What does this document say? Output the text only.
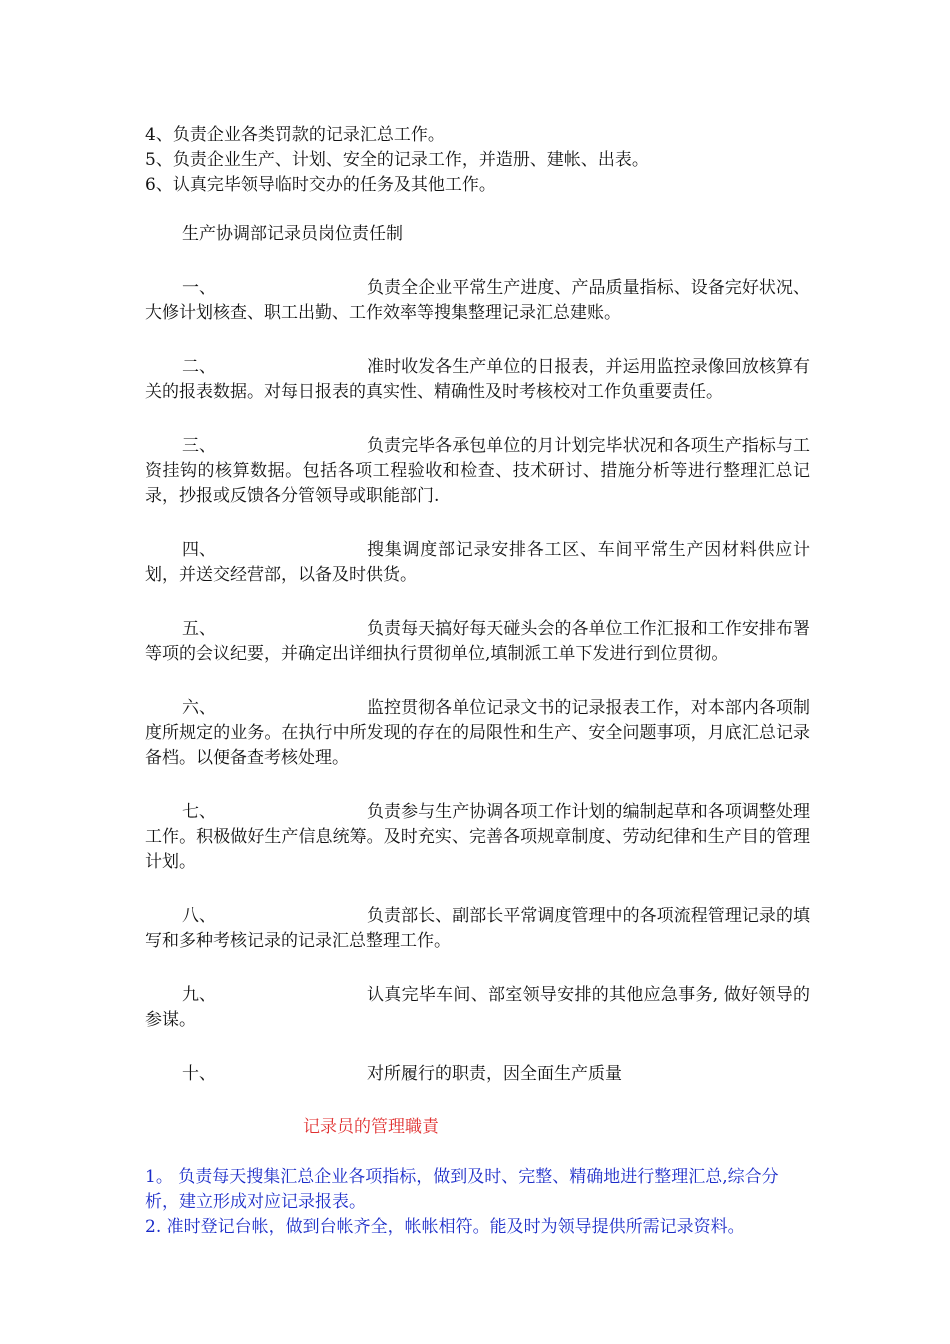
4、负责企业各类罚款的记录汇总工作。
5、负责企业生产、计划、安全的记录工作，并造册、建帐、出表。
6、认真完毕领导临时交办的任务及其他工作。
生产协调部记录员岗位责任制
一、	负责全企业平常生产进度、产品质量指标、设备完好状况、大修计划核查、职工出勤、工作效率等搜集整理记录汇总建账。
二、	准时收发各生产单位的日报表，并运用监控录像回放核算有关的报表数据。对每日报表的真实性、精确性及时考核校对工作负重要责任。
三、	负责完毕各承包单位的月计划完毕状况和各项生产指标与工资挂钩的核算数据。包括各项工程验收和检查、技术研讨、措施分析等进行整理汇总记录，抄报或反馈各分管领导或职能部门.
四、	搜集调度部记录安排各工区、车间平常生产因材料供应计划，并送交经营部，以备及时供货。
五、	负责每天搞好每天碰头会的各单位工作汇报和工作安排布署等项的会议纪要，并确定出详细执行贯彻单位,填制派工单下发进行到位贯彻。
六、	监控贯彻各单位记录文书的记录报表工作，对本部内各项制度所规定的业务。在执行中所发现的存在的局限性和生产、安全问题事项，月底汇总记录备档。以便备查考核处理。
七、	负责参与生产协调各项工作计划的编制起草和各项调整处理工作。积极做好生产信息统筹。及时充实、完善各项规章制度、劳动纪律和生产目的管理计划。
八、	负责部长、副部长平常调度管理中的各项流程管理记录的填写和多种考核记录的记录汇总整理工作。
九、	认真完毕车间、部室领导安排的其他应急事务, 做好领导的参谋。
十、	对所履行的职责，因全面生产质量
记录员的管理職責
1。 负责每天搜集汇总企业各项指标，做到及时、完整、精确地进行整理汇总,综合分析，建立形成对应记录报表。
2. 准时登记台帐，做到台帐齐全，帐帐相符。能及时为领导提供所需记录资料。
